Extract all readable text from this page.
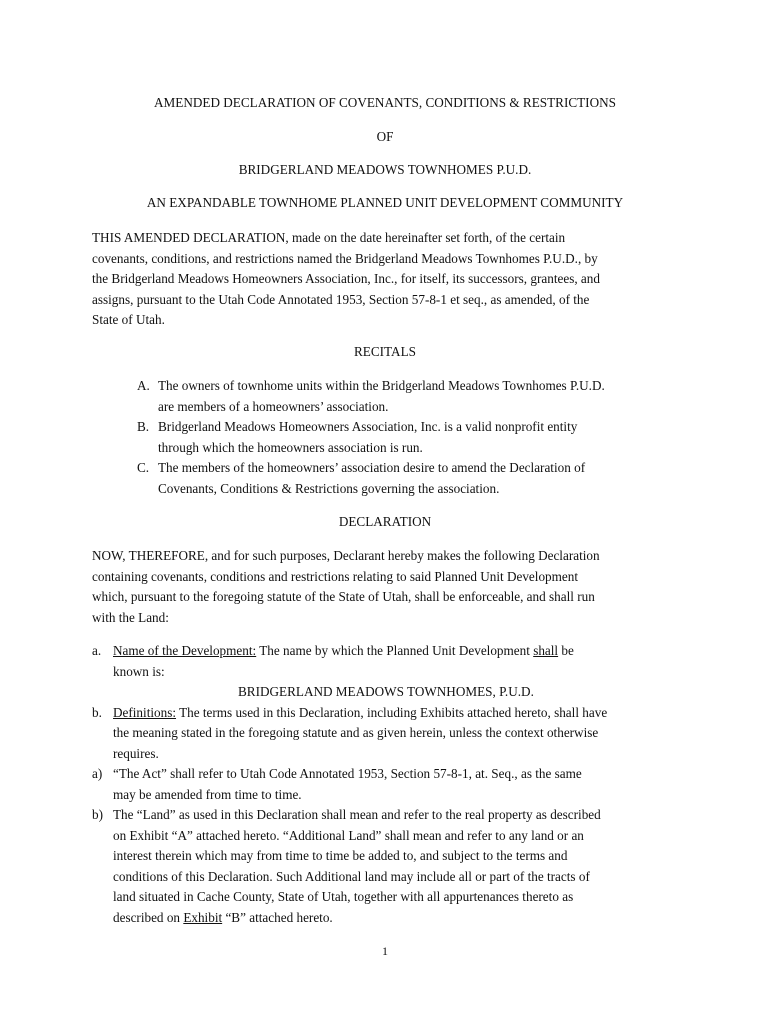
AMENDED DECLARATION OF COVENANTS, CONDITIONS & RESTRICTIONS
OF
BRIDGERLAND MEADOWS TOWNHOMES P.U.D.
AN EXPANDABLE TOWNHOME PLANNED UNIT DEVELOPMENT COMMUNITY
THIS AMENDED DECLARATION, made on the date hereinafter set forth, of the certain
covenants, conditions, and restrictions named the Bridgerland Meadows Townhomes P.U.D., by
the Bridgerland Meadows Homeowners Association, Inc., for itself, its successors, grantees, and
assigns, pursuant to the Utah Code Annotated 1953, Section 57-8-1 et seq., as amended, of the
State of Utah.
RECITALS
A. The owners of townhome units within the Bridgerland Meadows Townhomes P.U.D.
are members of a homeowners’ association.
B. Bridgerland Meadows Homeowners Association, Inc. is a valid nonprofit entity
through which the homeowners association is run.
C. The members of the homeowners’ association desire to amend the Declaration of
Covenants, Conditions & Restrictions governing the association.
DECLARATION
NOW, THEREFORE, and for such purposes, Declarant hereby makes the following Declaration
containing covenants, conditions and restrictions relating to said Planned Unit Development
which, pursuant to the foregoing statute of the State of Utah, shall be enforceable, and shall run
with the Land:
a. Name of the Development: The name by which the Planned Unit Development shall be
known is:
BRIDGERLAND MEADOWS TOWNHOMES, P.U.D.
b. Definitions: The terms used in this Declaration, including Exhibits attached hereto, shall have
the meaning stated in the foregoing statute and as given herein, unless the context otherwise
requires.
a) “The Act” shall refer to Utah Code Annotated 1953, Section 57-8-1, at. Seq., as the same
may be amended from time to time.
b) The “Land” as used in this Declaration shall mean and refer to the real property as described
on Exhibit “A” attached hereto. “Additional Land” shall mean and refer to any land or an
interest therein which may from time to time be added to, and subject to the terms and
conditions of this Declaration. Such Additional land may include all or part of the tracts of
land situated in Cache County, State of Utah, together with all appurtenances thereto as
described on Exhibit “B” attached hereto.
1
